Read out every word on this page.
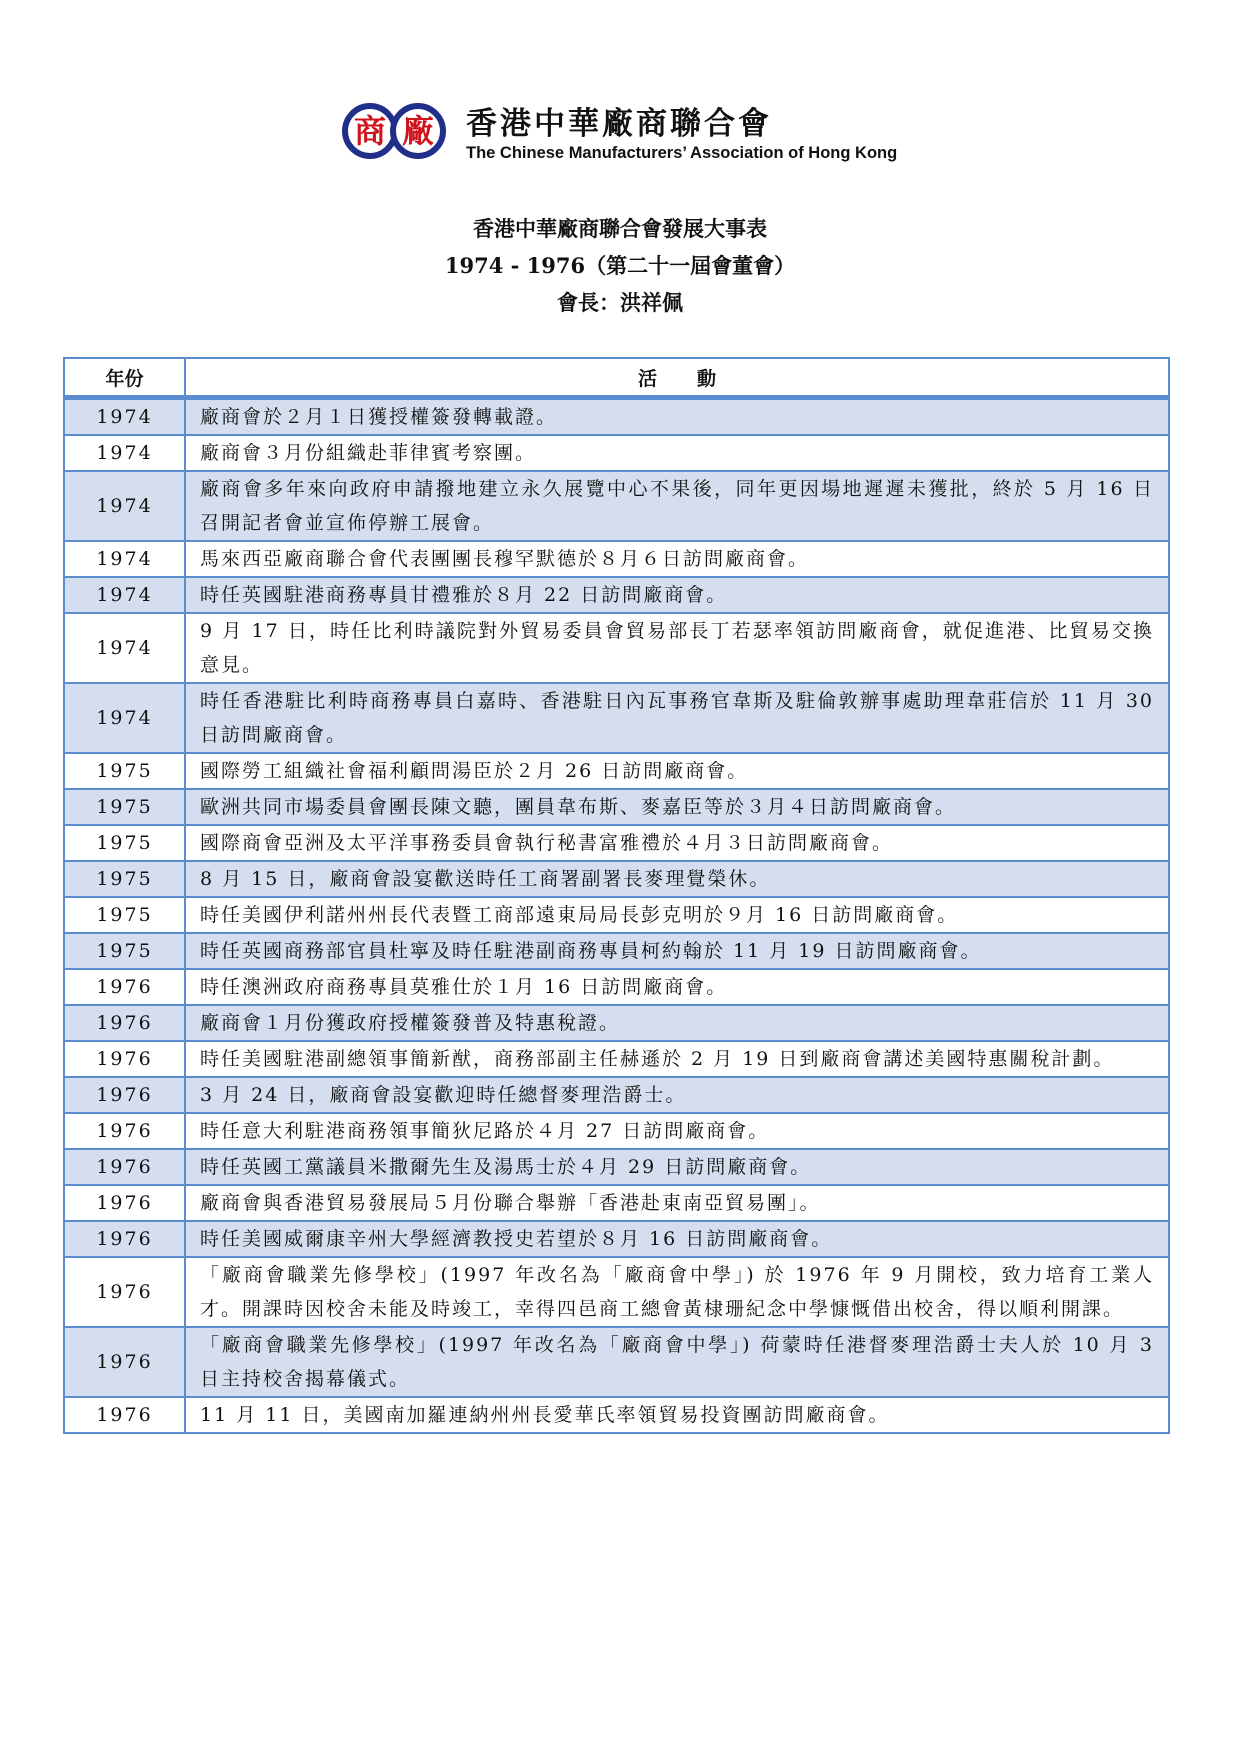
商 廠	香港中華廠商聯合會
The Chinese Manufacturers’ Association of Hong Kong
香港中華廠商聯合會發展大事表
1974 - 1976（第二十一屆會董會）
會長：洪祥佩
年份	活動
1974	廠商會於２月１日獲授權簽發轉載證。
1974	廠商會３月份組織赴菲律賓考察團。
1974	廠商會多年來向政府申請撥地建立永久展覽中心不果後，同年更因場地遲遲未獲批，終於 5 月 16 日召開記者會並宣佈停辦工展會。
1974	馬來西亞廠商聯合會代表團團長穆罕默德於８月６日訪問廠商會。
1974	時任英國駐港商務專員甘禮雅於８月 22 日訪問廠商會。
1974	9 月 17 日，時任比利時議院對外貿易委員會貿易部長丁若瑟率領訪問廠商會，就促進港、比貿易交換意見。
1974	時任香港駐比利時商務專員白嘉時、香港駐日內瓦事務官韋斯及駐倫敦辦事處助理韋莊信於 11 月 30 日訪問廠商會。
1975	國際勞工組織社會福利顧問湯臣於２月 26 日訪問廠商會。
1975	歐洲共同市場委員會團長陳文聽，團員韋布斯、麥嘉臣等於３月４日訪問廠商會。
1975	國際商會亞洲及太平洋事務委員會執行秘書富雅禮於４月３日訪問廠商會。
1975	8 月 15 日，廠商會設宴歡送時任工商署副署長麥理覺榮休。
1975	時任美國伊利諾州州長代表暨工商部遠東局局長彭克明於９月 16 日訪問廠商會。
1975	時任英國商務部官員杜寧及時任駐港副商務專員柯約翰於 11 月 19 日訪問廠商會。
1976	時任澳洲政府商務專員莫雅仕於１月 16 日訪問廠商會。
1976	廠商會１月份獲政府授權簽發普及特惠稅證。
1976	時任美國駐港副總領事簡新猷，商務部副主任赫遜於 2 月 19 日到廠商會講述美國特惠關稅計劃。
1976	3 月 24 日，廠商會設宴歡迎時任總督麥理浩爵士。
1976	時任意大利駐港商務領事簡狄尼路於４月 27 日訪問廠商會。
1976	時任英國工黨議員米撒爾先生及湯馬士於４月 29 日訪問廠商會。
1976	廠商會與香港貿易發展局５月份聯合舉辦「香港赴東南亞貿易團」。
1976	時任美國威爾康辛州大學經濟教授史若望於８月 16 日訪問廠商會。
1976	「廠商會職業先修學校」(1997 年改名為「廠商會中學」) 於 1976 年 9 月開校，致力培育工業人才。開課時因校舍未能及時竣工，幸得四邑商工總會黃棣珊紀念中學慷慨借出校舍，得以順利開課。
1976	「廠商會職業先修學校」(1997 年改名為「廠商會中學」) 荷蒙時任港督麥理浩爵士夫人於 10 月 3 日主持校舍揭幕儀式。
1976	11 月 11 日，美國南加羅連納州州長愛華氏率領貿易投資團訪問廠商會。
